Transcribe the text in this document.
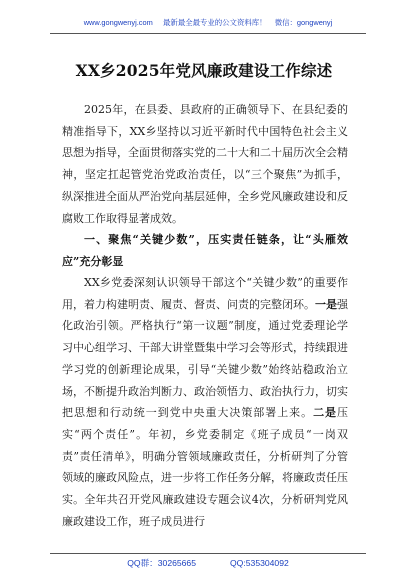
www.gongwenyj.com 最新最全最专业的公文资料库！ 微信：gongwenyj
XX乡2025年党风廉政建设工作综述

2025年，在县委、县政府的正确领导下、在县纪委的精准指导下，XX乡坚持以习近平新时代中国特色社会主义思想为指导，全面贯彻落实党的二十大和二十届历次全会精神，坚定扛起管党治党政治责任，以“三个聚焦”为抓手，纵深推进全面从严治党向基层延伸，全乡党风廉政建设和反腐败工作取得显著成效。

一、聚焦“关键少数”，压实责任链条，让“头雁效应”充分彰显

XX乡党委深刻认识领导干部这个“关键少数”的重要作用，着力构建明责、履责、督责、问责的完整闭环。一是强化政治引领。严格执行“第一议题”制度，通过党委理论学习中心组学习、干部大讲堂暨集中学习会等形式，持续跟进学习党的创新理论成果，引导“关键少数”始终站稳政治立场，不断提升政治判断力、政治领悟力、政治执行力，切实把思想和行动统一到党中央重大决策部署上来。二是压实“两个责任”。年初，乡党委制定《班子成员“一岗双责”责任清单》，明确分管领域廉政责任，分析研判了分管领域的廉政风险点，进一步将工作任务分解，将廉政责任压实。全年共召开党风廉政建设专题会议4次，分析研判党风廉政建设工作，班子成员进行

QQ群：30265665	QQ:535304092
